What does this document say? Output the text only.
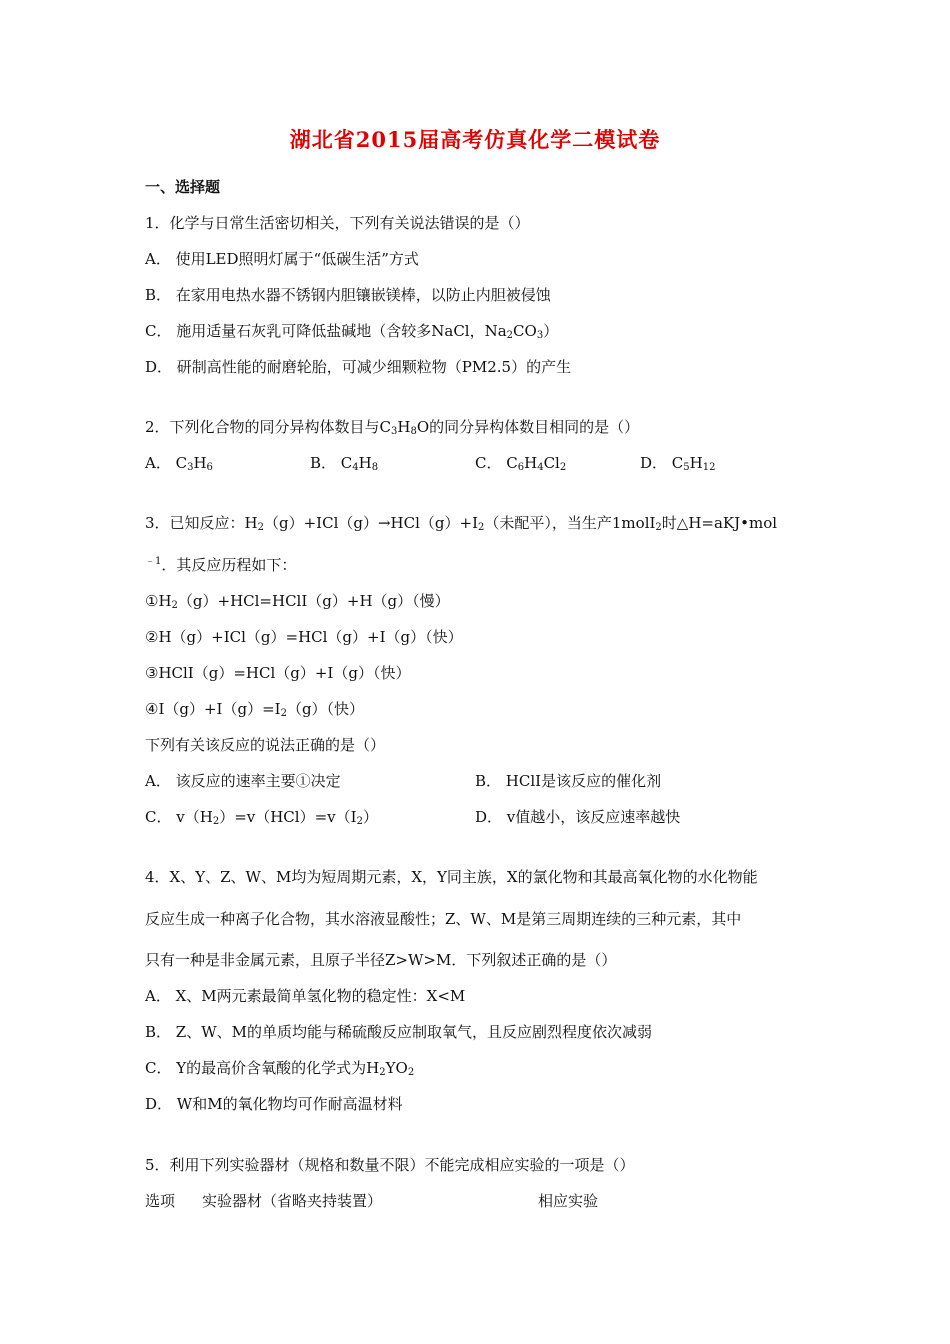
湖北省2015届高考仿真化学二模试卷
一、选择题
1．化学与日常生活密切相关，下列有关说法错误的是（）
A． 使用LED照明灯属于“低碳生活”方式
B． 在家用电热水器不锈钢内胆镶嵌镁棒，以防止内胆被侵蚀
C． 施用适量石灰乳可降低盐碱地（含较多NaCl，$Na_2CO_3$）
D． 研制高性能的耐磨轮胎，可减少细颗粒物（PM2.5）的产生
2．下列化合物的同分异构体数目与$C_3H_8O$的同分异构体数目相同的是（）
A． $C_3H_6$	B． $C_4H_8$	C． $C_6H_4Cl_2$	D． $C_5H_{12}$
3．已知反应：$H_2(g)+ICl(g)\to HCl(g)+I_2$（未配平），当生产1molI$_2$时△H=aKJ•mol
$^{﹣1}$．其反应历程如下：
$①H_2(g)+HCl=HClI(g)+H(g)$（慢）
②H（g）+ICl（g）=HCl（g）+I（g）（快）
③HClI（g）=HCl（g）+I（g）（快）
$④I(g)+I(g)=I_2(g)$（快）
下列有关该反应的说法正确的是（）
A． 该反应的速率主要①决定	B． HClI是该反应的催化剂
C． $v(H_2)=v(HCl)=v(I_2)$	D． v值越小，该反应速率越快
4．X、Y、Z、W、M均为短周期元素，X，Y同主族，X的氯化物和其最高氧化物的水化物能
反应生成一种离子化合物，其水溶液显酸性；Z、W、M是第三周期连续的三种元素，其中
只有一种是非金属元素，且原子半径Z>W>M．下列叙述正确的是（）
A． X、M两元素最简单氢化物的稳定性：X<M
B． Z、W、M的单质均能与稀硫酸反应制取氧气，且反应剧烈程度依次减弱
C． Y的最高价含氧酸的化学式为$H_2YO_2$
D． W和M的氧化物均可作耐高温材料
5．利用下列实验器材（规格和数量不限）不能完成相应实验的一项是（）
选项 实验器材（省略夹持装置）	相应实验
